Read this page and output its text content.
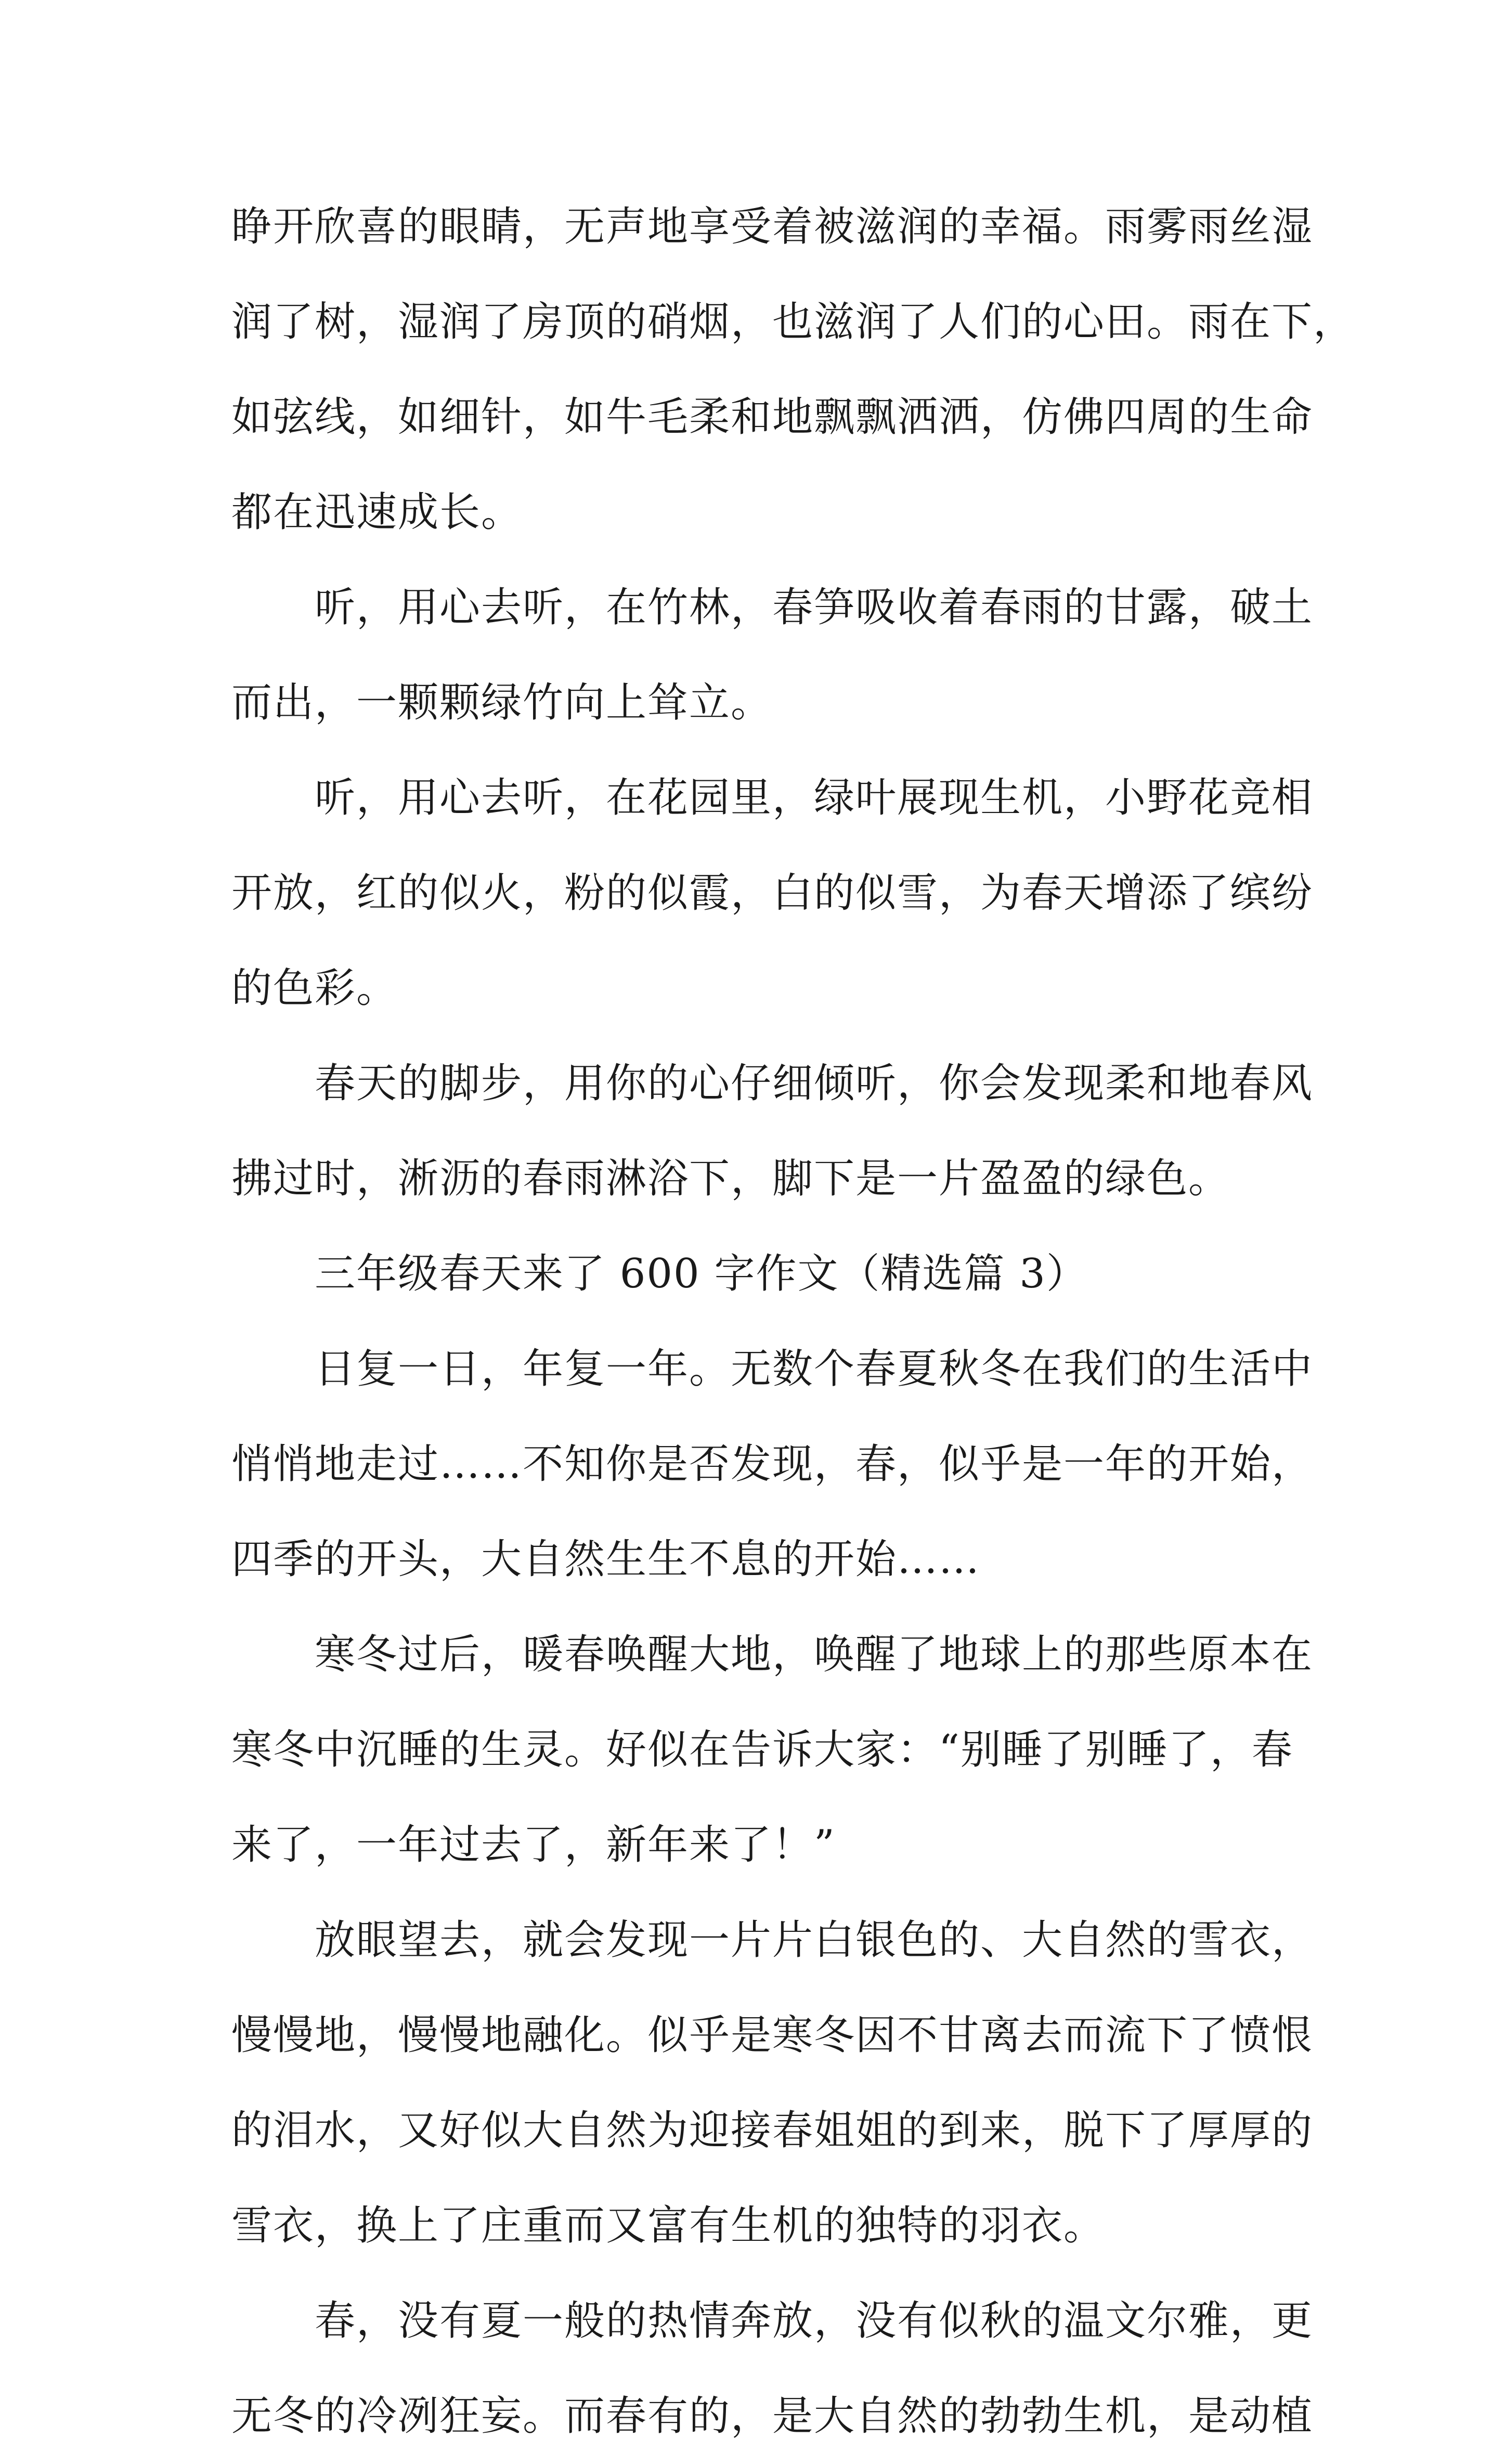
睁开欣喜的眼睛，无声地享受着被滋润的幸福。雨雾雨丝湿
润了树，湿润了房顶的硝烟，也滋润了人们的心田。雨在下，
如弦线，如细针，如牛毛柔和地飘飘洒洒，仿佛四周的生命
都在迅速成长。

听，用心去听，在竹林，春笋吸收着春雨的甘露，破土
而出，一颗颗绿竹向上耸立。

听，用心去听，在花园里，绿叶展现生机，小野花竞相
开放，红的似火，粉的似霞，白的似雪，为春天增添了缤纷
的色彩。

春天的脚步，用你的心仔细倾听，你会发现柔和地春风
拂过时，淅沥的春雨淋浴下，脚下是一片盈盈的绿色。

三年级春天来了 600 字作文（精选篇 3）

日复一日，年复一年。无数个春夏秋冬在我们的生活中
悄悄地走过……不知你是否发现，春，似乎是一年的开始，
四季的开头，大自然生生不息的开始……

寒冬过后，暖春唤醒大地，唤醒了地球上的那些原本在
寒冬中沉睡的生灵。好似在告诉大家：“别睡了别睡了，春
来了，一年过去了，新年来了！”

放眼望去，就会发现一片片白银色的、大自然的雪衣，
慢慢地，慢慢地融化。似乎是寒冬因不甘离去而流下了愤恨
的泪水，又好似大自然为迎接春姐姐的到来，脱下了厚厚的
雪衣，换上了庄重而又富有生机的独特的羽衣。

春，没有夏一般的热情奔放，没有似秋的温文尔雅，更
无冬的冷冽狂妄。而春有的，是大自然的勃勃生机，是动植
